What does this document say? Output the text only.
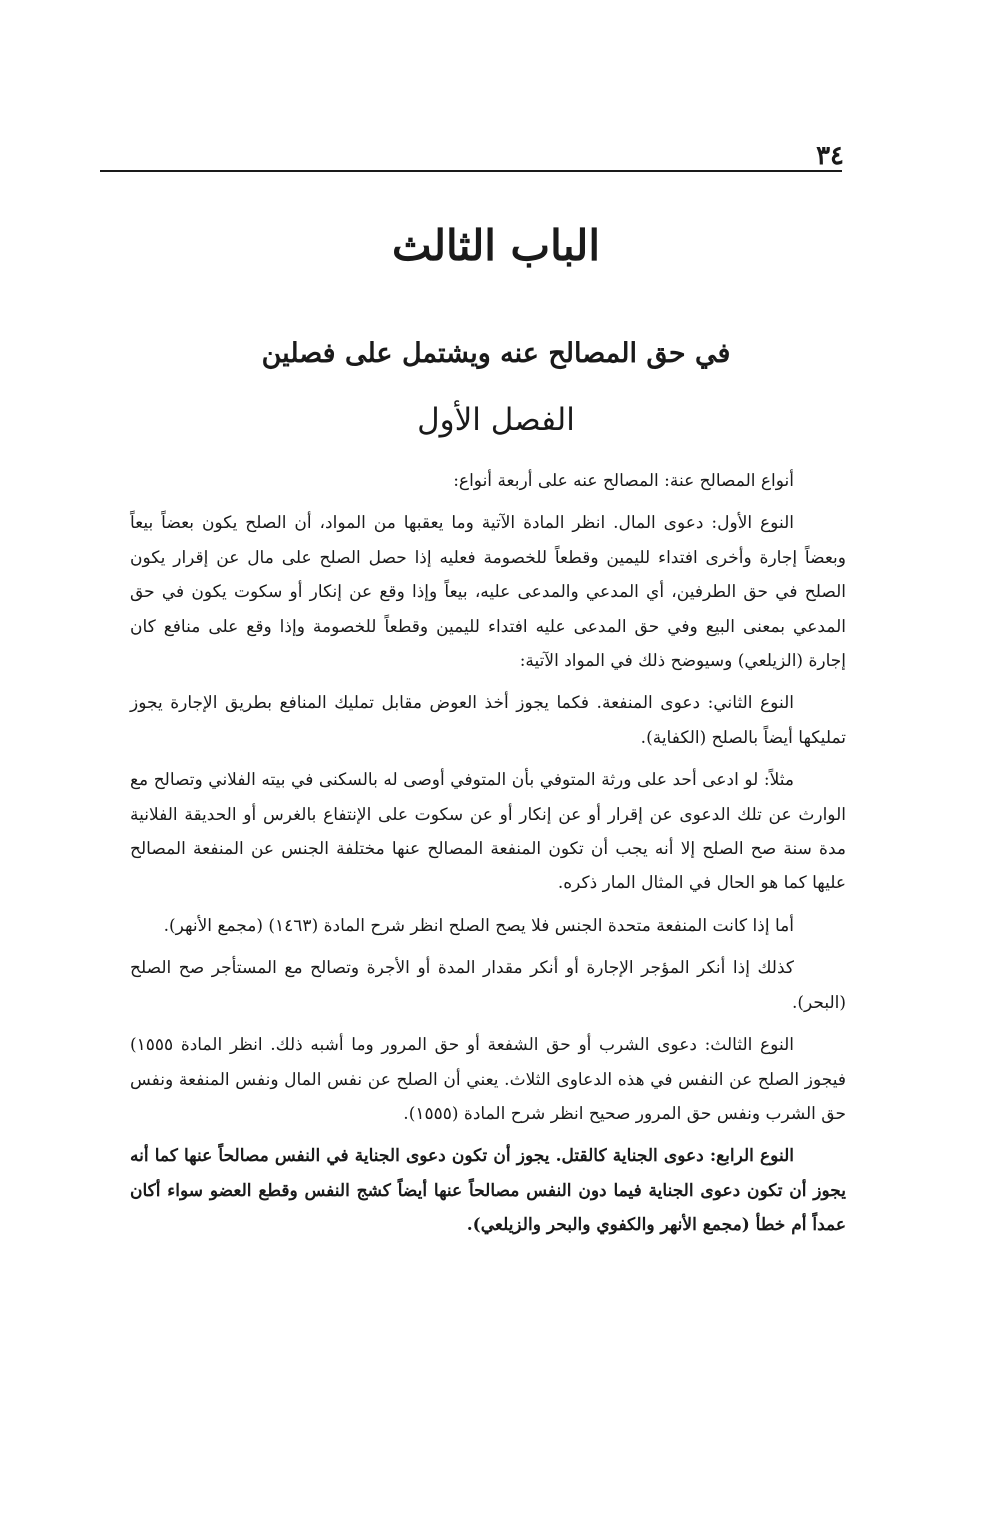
٣٤
الباب الثالث
في حق المصالح عنه ويشتمل على فصلين
الفصل الأول

أنواع المصالح عنة: المصالح عنه على أربعة أنواع:

النوع الأول: دعوى المال. انظر المادة الآتية وما يعقبها من المواد، أن الصلح يكون بعضاً بيعاً وبعضاً إجارة وأخرى افتداء لليمين وقطعاً للخصومة فعليه إذا حصل الصلح على مال عن إقرار يكون الصلح في حق الطرفين، أي المدعي والمدعى عليه، بيعاً وإذا وقع عن إنكار أو سكوت يكون في حق المدعي بمعنى البيع وفي حق المدعى عليه افتداء لليمين وقطعاً للخصومة وإذا وقع على منافع كان إجارة (الزيلعي) وسيوضح ذلك في المواد الآتية:

النوع الثاني: دعوى المنفعة. فكما يجوز أخذ العوض مقابل تمليك المنافع بطريق الإجارة يجوز تمليكها أيضاً بالصلح (الكفاية).

مثلاً: لو ادعى أحد على ورثة المتوفي بأن المتوفي أوصى له بالسكنى في بيته الفلاني وتصالح مع الوارث عن تلك الدعوى عن إقرار أو عن إنكار أو عن سكوت على الإنتفاع بالغرس أو الحديقة الفلانية مدة سنة صح الصلح إلا أنه يجب أن تكون المنفعة المصالح عنها مختلفة الجنس عن المنفعة المصالح عليها كما هو الحال في المثال المار ذكره.

أما إذا كانت المنفعة متحدة الجنس فلا يصح الصلح انظر شرح المادة (١٤٦٣) (مجمع الأنهر).

كذلك إذا أنكر المؤجر الإجارة أو أنكر مقدار المدة أو الأجرة وتصالح مع المستأجر صح الصلح (البحر).

النوع الثالث: دعوى الشرب أو حق الشفعة أو حق المرور وما أشبه ذلك. انظر المادة ١٥٥٥) فيجوز الصلح عن النفس في هذه الدعاوى الثلاث. يعني أن الصلح عن نفس المال ونفس المنفعة ونفس حق الشرب ونفس حق المرور صحيح انظر شرح المادة (١٥٥٥).

النوع الرابع: دعوى الجناية كالقتل. يجوز أن تكون دعوى الجناية في النفس مصالحاً عنها كما أنه يجوز أن تكون دعوى الجناية فيما دون النفس مصالحاً عنها أيضاً كشج النفس وقطع العضو سواء أكان عمداً أم خطأ (مجمع الأنهر والكفوي والبحر والزيلعي).
